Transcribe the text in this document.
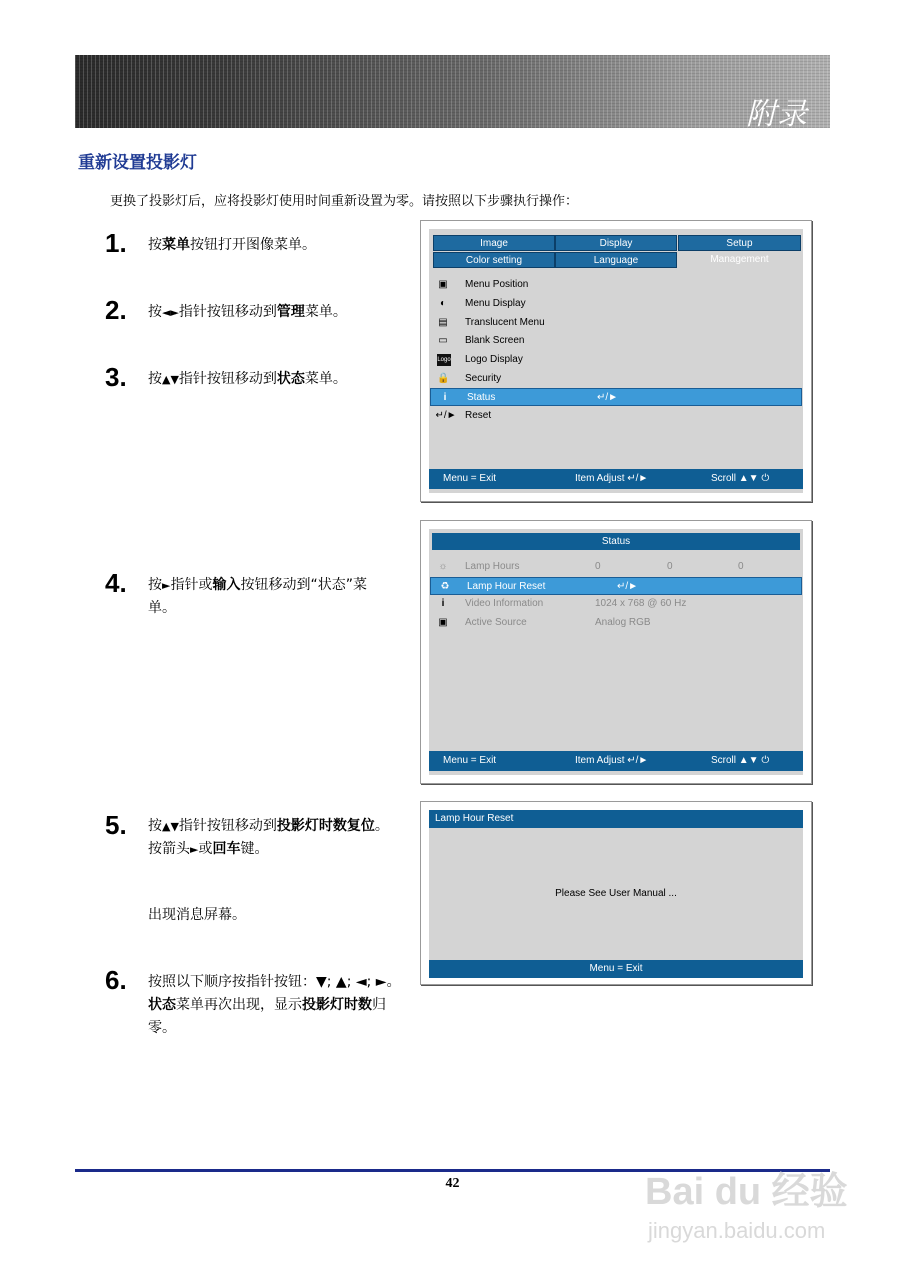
附录
重新设置投影灯
更换了投影灯后，应将投影灯使用时间重新设置为零。请按照以下步骤执行操作：
1. 按菜单按钮打开图像菜单。
2. 按◄►指针按钮移动到管理菜单。
3. 按▲▼指针按钮移动到状态菜单。
4. 按►指针或输入按钮移动到“状态”菜单。
5. 按▲▼指针按钮移动到投影灯时数复位。按箭头►或回车键。
出现消息屏幕。
6. 按照以下顺序按指针按钮：▼; ▲; ◄; ►。
状态菜单再次出现，显示投影灯时数归零。
Image	Display	Setup
Color setting	Language	Management
▣ Menu Position
◐ Menu Display
▤ Translucent Menu
▭ Blank Screen
Logo Logo Display
🔒 Security
i	Status	↵/►
↵/► Reset
Menu = Exit	Item Adjust ↵/►	Scroll ▲▼ ⏻
Status
☼ Lamp Hours	0	0	0
♻ Lamp Hour Reset	↵/►
i	Video Information	1024 x 768 @ 60 Hz
▣ Active Source	Analog RGB
Menu = Exit	Item Adjust ↵/►	Scroll ▲▼ ⏻
Lamp Hour Reset
Please See User Manual ...
Menu = Exit
42	Bai du 经验
jingyan.baidu.com
